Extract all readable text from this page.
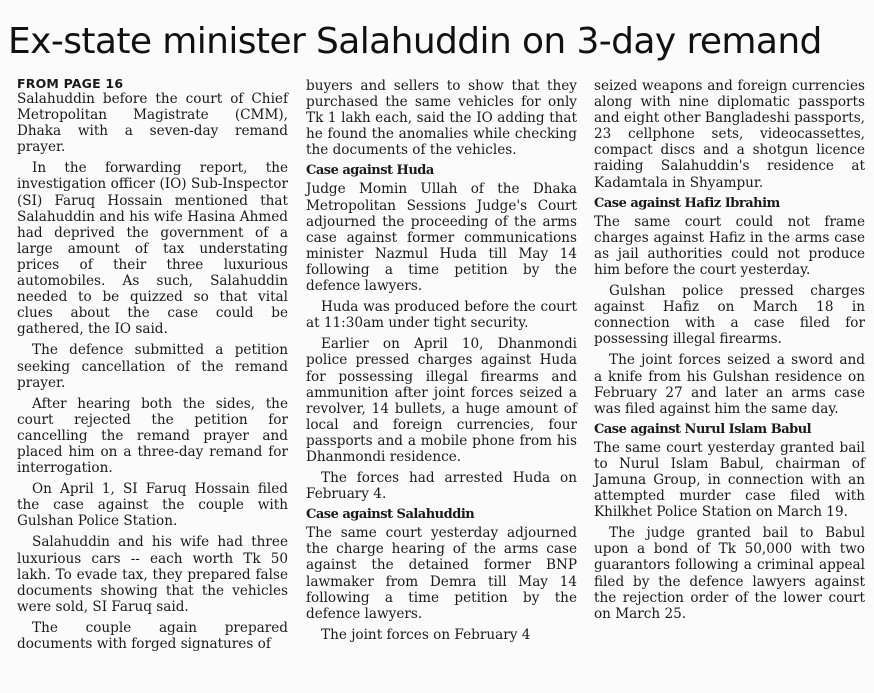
Ex-state minister Salahuddin on 3-day remand
FROM PAGE 16

Salahuddin before the court of Chief Metropolitan Magistrate (CMM), Dhaka with a seven-day remand prayer.

In the forwarding report, the investigation officer (IO) Sub-Inspector (SI) Faruq Hossain mentioned that Salahuddin and his wife Hasina Ahmed had deprived the government of a large amount of tax understating prices of their three luxurious automobiles. As such, Salahuddin needed to be quizzed so that vital clues about the case could be gathered, the IO said.

The defence submitted a petition seeking cancellation of the remand prayer.

After hearing both the sides, the court rejected the petition for cancelling the remand prayer and placed him on a three-day remand for interrogation.

On April 1, SI Faruq Hossain filed the case against the couple with Gulshan Police Station.

Salahuddin and his wife had three luxurious cars -- each worth Tk 50 lakh. To evade tax, they prepared false documents showing that the vehicles were sold, SI Faruq said.

The couple again prepared documents with forged signatures of

buyers and sellers to show that they purchased the same vehicles for only Tk 1 lakh each, said the IO adding that he found the anomalies while checking the documents of the vehicles.

Case against Huda

Judge Momin Ullah of the Dhaka Metropolitan Sessions Judge's Court adjourned the proceeding of the arms case against former communications minister Nazmul Huda till May 14 following a time petition by the defence lawyers.

Huda was produced before the court at 11:30am under tight security.

Earlier on April 10, Dhanmondi police pressed charges against Huda for possessing illegal firearms and ammunition after joint forces seized a revolver, 14 bullets, a huge amount of local and foreign currencies, four passports and a mobile phone from his Dhanmondi residence.

The forces had arrested Huda on February 4.

Case against Salahuddin

The same court yesterday adjourned the charge hearing of the arms case against the detained former BNP lawmaker from Demra till May 14 following a time petition by the defence lawyers.

The joint forces on February 4

seized weapons and foreign currencies along with nine diplomatic passports and eight other Bangladeshi passports, 23 cellphone sets, videocassettes, compact discs and a shotgun licence raiding Salahuddin's residence at Kadamtala in Shyampur.

Case against Hafiz Ibrahim

The same court could not frame charges against Hafiz in the arms case as jail authorities could not produce him before the court yesterday.

Gulshan police pressed charges against Hafiz on March 18 in connection with a case filed for possessing illegal firearms.

The joint forces seized a sword and a knife from his Gulshan residence on February 27 and later an arms case was filed against him the same day.

Case against Nurul Islam Babul

The same court yesterday granted bail to Nurul Islam Babul, chairman of Jamuna Group, in connection with an attempted murder case filed with Khilkhet Police Station on March 19.

The judge granted bail to Babul upon a bond of Tk 50,000 with two guarantors following a criminal appeal filed by the defence lawyers against the rejection order of the lower court on March 25.
